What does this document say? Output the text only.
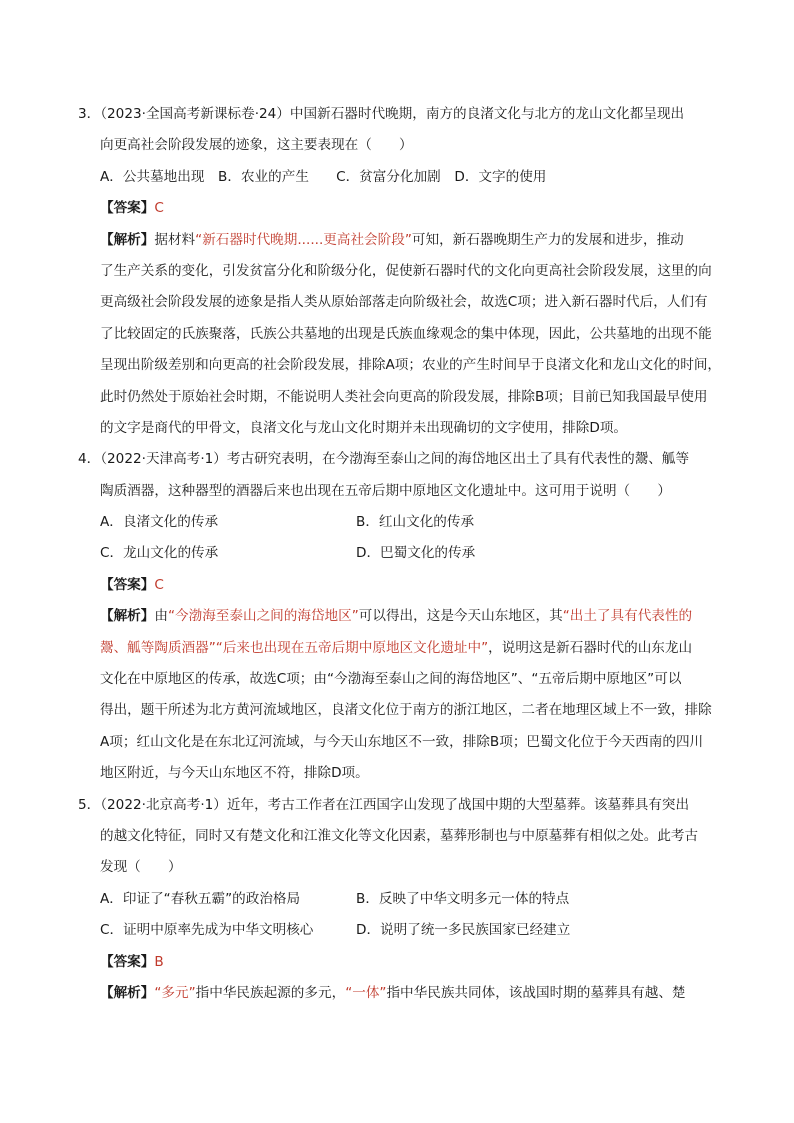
3．（2023·全国高考新课标卷·24）中国新石器时代晚期，南方的良渚文化与北方的龙山文化都呈现出
向更高社会阶段发展的迹象，这主要表现在（　　）
A．公共墓地出现　B．农业的产生　　C．贫富分化加剧　D．文字的使用
【答案】C
【解析】据材料“新石器时代晚期......更高社会阶段”可知，新石器晚期生产力的发展和进步，推动
了生产关系的变化，引发贫富分化和阶级分化，促使新石器时代的文化向更高社会阶段发展，这里的向
更高级社会阶段发展的迹象是指人类从原始部落走向阶级社会，故选C项；进入新石器时代后，人们有
了比较固定的氏族聚落，氏族公共墓地的出现是氏族血缘观念的集中体现，因此，公共墓地的出现不能
呈现出阶级差别和向更高的社会阶段发展，排除A项；农业的产生时间早于良渚文化和龙山文化的时间，
此时仍然处于原始社会时期，不能说明人类社会向更高的阶段发展，排除B项；目前已知我国最早使用
的文字是商代的甲骨文，良渚文化与龙山文化时期并未出现确切的文字使用，排除D项。
4．（2022·天津高考·1）考古研究表明，在今渤海至泰山之间的海岱地区出土了具有代表性的鬶、觚等
陶质酒器，这种器型的酒器后来也出现在五帝后期中原地区文化遗址中。这可用于说明（　　）
A．良渚文化的传承	B．红山文化的传承
C．龙山文化的传承	D．巴蜀文化的传承
【答案】C
【解析】由“今渤海至泰山之间的海岱地区”可以得出，这是今天山东地区，其“出土了具有代表性的
鬶、觚等陶质酒器”“后来也出现在五帝后期中原地区文化遗址中”，说明这是新石器时代的山东龙山
文化在中原地区的传承，故选C项；由“今渤海至泰山之间的海岱地区”、“五帝后期中原地区”可以
得出，题干所述为北方黄河流域地区，良渚文化位于南方的浙江地区，二者在地理区域上不一致，排除
A项；红山文化是在东北辽河流域，与今天山东地区不一致，排除B项；巴蜀文化位于今天西南的四川
地区附近，与今天山东地区不符，排除D项。
5．（2022·北京高考·1）近年，考古工作者在江西国字山发现了战国中期的大型墓葬。该墓葬具有突出
的越文化特征，同时又有楚文化和江淮文化等文化因素，墓葬形制也与中原墓葬有相似之处。此考古
发现（　　）
A．印证了“春秋五霸”的政治格局	B．反映了中华文明多元一体的特点
C．证明中原率先成为中华文明核心	D．说明了统一多民族国家已经建立
【答案】B
【解析】“多元”指中华民族起源的多元，“一体”指中华民族共同体，该战国时期的墓葬具有越、楚
